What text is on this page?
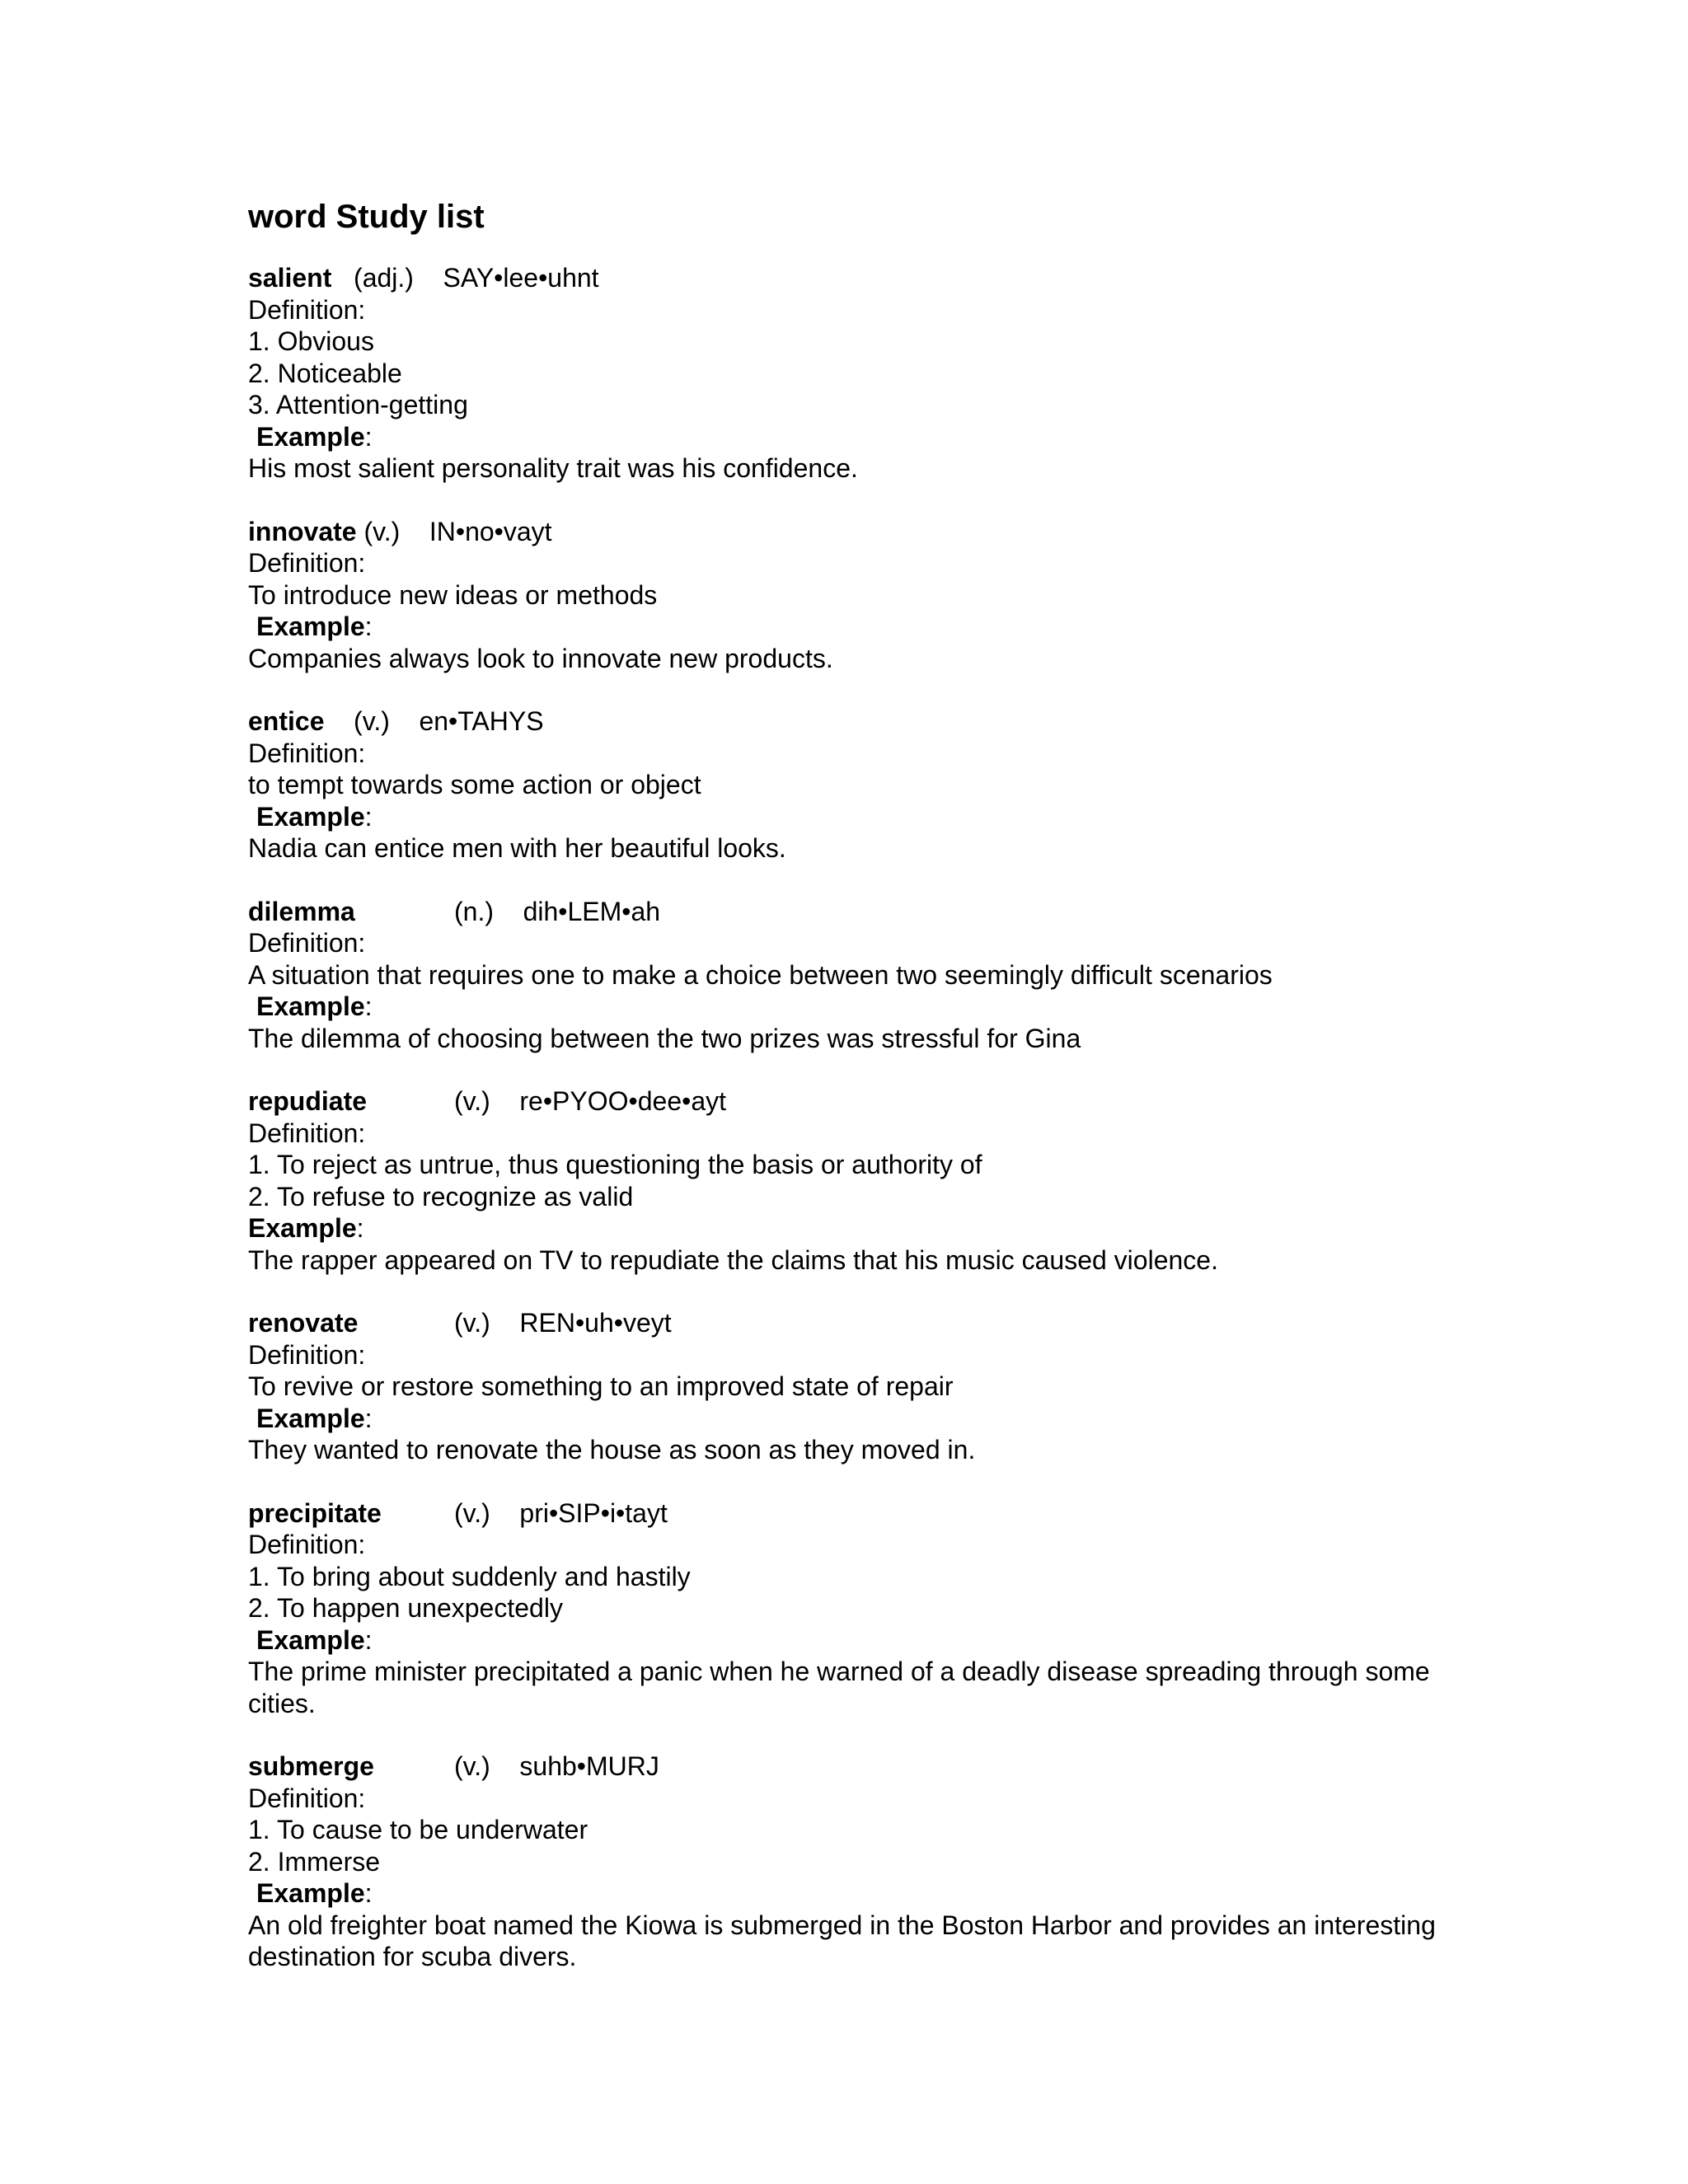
word Study list
salient (adj.) SAY•lee•uhnt
Definition:
1. Obvious
2. Noticeable
3. Attention-getting
Example:
His most salient personality trait was his confidence.
innovate (v.) IN•no•vayt
Definition:
To introduce new ideas or methods
Example:
Companies always look to innovate new products.
entice (v.) en•TAHYS
Definition:
to tempt towards some action or object
Example:
Nadia can entice men with her beautiful looks.
dilemma	(n.) dih•LEM•ah
Definition:
A situation that requires one to make a choice between two seemingly difficult scenarios
Example:
The dilemma of choosing between the two prizes was stressful for Gina
repudiate	(v.) re•PYOO•dee•ayt
Definition:
1. To reject as untrue, thus questioning the basis or authority of
2. To refuse to recognize as valid
Example:
The rapper appeared on TV to repudiate the claims that his music caused violence.
renovate	(v.) REN•uh•veyt
Definition:
To revive or restore something to an improved state of repair
Example:
They wanted to renovate the house as soon as they moved in.
precipitate	(v.) pri•SIP•i•tayt
Definition:
1. To bring about suddenly and hastily
2. To happen unexpectedly
Example:
The prime minister precipitated a panic when he warned of a deadly disease spreading through some cities.
submerge	(v.) suhb•MURJ
Definition:
1. To cause to be underwater
2. Immerse
Example:
An old freighter boat named the Kiowa is submerged in the Boston Harbor and provides an interesting destination for scuba divers.
